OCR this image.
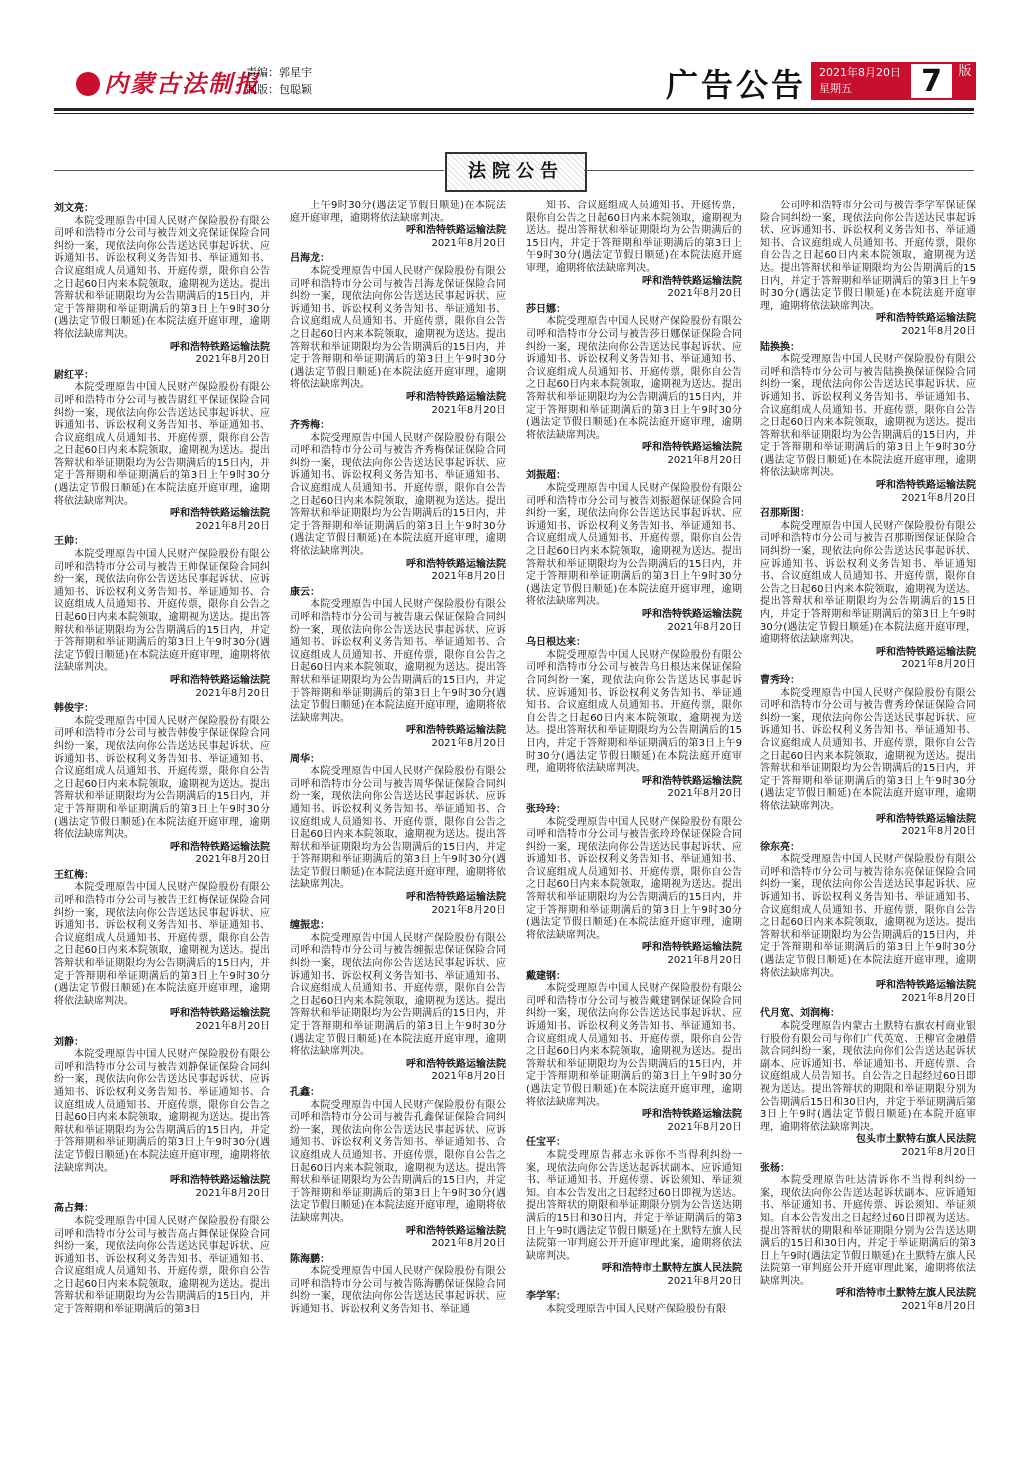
内蒙古法制报
责编：郭星宇
制版：包聪颖	广告公告 2021年8月20日
星期五	7	版
法院公告

刘文亮：

本院受理原告中国人民财产保险股份有限公司呼和浩特市分公司与被告刘文亮保证保险合同纠纷一案，现依法向你公告送达民事起诉状、应诉通知书、诉讼权利义务告知书、举证通知书、合议庭组成人员通知书、开庭传票，限你自公告之日起60日内来本院领取，逾期视为送达。提出答辩状和举证期限均为公告期满后的15日内，并定于答辩期和举证期满后的第3日上午9时30分(遇法定节假日顺延)在本院法庭开庭审理，逾期将依法缺席判决。

呼和浩特铁路运输法院

2021年8月20日

尉红平：

本院受理原告中国人民财产保险股份有限公司呼和浩特市分公司与被告尉红平保证保险合同纠纷一案，现依法向你公告送达民事起诉状、应诉通知书、诉讼权利义务告知书、举证通知书、合议庭组成人员通知书、开庭传票，限你自公告之日起60日内来本院领取，逾期视为送达。提出答辩状和举证期限均为公告期满后的15日内，并定于答辩期和举证期满后的第3日上午9时30分(遇法定节假日顺延)在本院法庭开庭审理，逾期将依法缺席判决。

呼和浩特铁路运输法院

2021年8月20日

王帅：

本院受理原告中国人民财产保险股份有限公司呼和浩特市分公司与被告王帅保证保险合同纠纷一案，现依法向你公告送达民事起诉状、应诉通知书、诉讼权利义务告知书、举证通知书、合议庭组成人员通知书、开庭传票，限你自公告之日起60日内来本院领取，逾期视为送达。提出答辩状和举证期限均为公告期满后的15日内，并定于答辩期和举证期满后的第3日上午9时30分(遇法定节假日顺延)在本院法庭开庭审理，逾期将依法缺席判决。

呼和浩特铁路运输法院

2021年8月20日

韩俊宇：

本院受理原告中国人民财产保险股份有限公司呼和浩特市分公司与被告韩俊宇保证保险合同纠纷一案，现依法向你公告送达民事起诉状、应诉通知书、诉讼权利义务告知书、举证通知书、合议庭组成人员通知书、开庭传票，限你自公告之日起60日内来本院领取，逾期视为送达。提出答辩状和举证期限均为公告期满后的15日内，并定于答辩期和举证期满后的第3日上午9时30分(遇法定节假日顺延)在本院法庭开庭审理，逾期将依法缺席判决。

呼和浩特铁路运输法院

2021年8月20日

王红梅：

本院受理原告中国人民财产保险股份有限公司呼和浩特市分公司与被告王红梅保证保险合同纠纷一案，现依法向你公告送达民事起诉状、应诉通知书、诉讼权利义务告知书、举证通知书、合议庭组成人员通知书、开庭传票，限你自公告之日起60日内来本院领取，逾期视为送达。提出答辩状和举证期限均为公告期满后的15日内，并定于答辩期和举证期满后的第3日上午9时30分(遇法定节假日顺延)在本院法庭开庭审理，逾期将依法缺席判决。

呼和浩特铁路运输法院

2021年8月20日

刘静：

本院受理原告中国人民财产保险股份有限公司呼和浩特市分公司与被告刘静保证保险合同纠纷一案，现依法向你公告送达民事起诉状、应诉通知书、诉讼权利义务告知书、举证通知书、合议庭组成人员通知书、开庭传票，限你自公告之日起60日内来本院领取，逾期视为送达。提出答辩状和举证期限均为公告期满后的15日内，并定于答辩期和举证期满后的第3日上午9时30分(遇法定节假日顺延)在本院法庭开庭审理，逾期将依法缺席判决。

呼和浩特铁路运输法院

2021年8月20日

高占舞：

本院受理原告中国人民财产保险股份有限公司呼和浩特市分公司与被告高占舞保证保险合同纠纷一案，现依法向你公告送达民事起诉状、应诉通知书、诉讼权利义务告知书、举证通知书、合议庭组成人员通知书、开庭传票，限你自公告之日起60日内来本院领取，逾期视为送达。提出答辩状和举证期限均为公告期满后的15日内，并定于答辩期和举证期满后的第3日

上午9时30分(遇法定节假日顺延)在本院法庭开庭审理，逾期将依法缺席判决。

呼和浩特铁路运输法院

2021年8月20日

吕海龙：

本院受理原告中国人民财产保险股份有限公司呼和浩特市分公司与被告吕海龙保证保险合同纠纷一案，现依法向你公告送达民事起诉状、应诉通知书、诉讼权利义务告知书、举证通知书、合议庭组成人员通知书、开庭传票，限你自公告之日起60日内来本院领取，逾期视为送达。提出答辩状和举证期限均为公告期满后的15日内，并定于答辩期和举证期满后的第3日上午9时30分(遇法定节假日顺延)在本院法庭开庭审理，逾期将依法缺席判决。

呼和浩特铁路运输法院

2021年8月20日

齐秀梅：

本院受理原告中国人民财产保险股份有限公司呼和浩特市分公司与被告齐秀梅保证保险合同纠纷一案，现依法向你公告送达民事起诉状、应诉通知书、诉讼权利义务告知书、举证通知书、合议庭组成人员通知书、开庭传票，限你自公告之日起60日内来本院领取，逾期视为送达。提出答辩状和举证期限均为公告期满后的15日内，并定于答辩期和举证期满后的第3日上午9时30分(遇法定节假日顺延)在本院法庭开庭审理，逾期将依法缺席判决。

呼和浩特铁路运输法院

2021年8月20日

康云：

本院受理原告中国人民财产保险股份有限公司呼和浩特市分公司与被告康云保证保险合同纠纷一案，现依法向你公告送达民事起诉状、应诉通知书、诉讼权利义务告知书、举证通知书、合议庭组成人员通知书、开庭传票，限你自公告之日起60日内来本院领取，逾期视为送达。提出答辩状和举证期限均为公告期满后的15日内，并定于答辩期和举证期满后的第3日上午9时30分(遇法定节假日顺延)在本院法庭开庭审理，逾期将依法缺席判决。

呼和浩特铁路运输法院

2021年8月20日

周华：

本院受理原告中国人民财产保险股份有限公司呼和浩特市分公司与被告周华保证保险合同纠纷一案，现依法向你公告送达民事起诉状、应诉通知书、诉讼权利义务告知书、举证通知书、合议庭组成人员通知书、开庭传票，限你自公告之日起60日内来本院领取，逾期视为送达。提出答辩状和举证期限均为公告期满后的15日内，并定于答辩期和举证期满后的第3日上午9时30分(遇法定节假日顺延)在本院法庭开庭审理，逾期将依法缺席判决。

呼和浩特铁路运输法院

2021年8月20日

缠振忠：

本院受理原告中国人民财产保险股份有限公司呼和浩特市分公司与被告缠振忠保证保险合同纠纷一案，现依法向你公告送达民事起诉状、应诉通知书、诉讼权利义务告知书、举证通知书、合议庭组成人员通知书、开庭传票，限你自公告之日起60日内来本院领取，逾期视为送达。提出答辩状和举证期限均为公告期满后的15日内，并定于答辩期和举证期满后的第3日上午9时30分(遇法定节假日顺延)在本院法庭开庭审理，逾期将依法缺席判决。

呼和浩特铁路运输法院

2021年8月20日

孔鑫：

本院受理原告中国人民财产保险股份有限公司呼和浩特市分公司与被告孔鑫保证保险合同纠纷一案，现依法向你公告送达民事起诉状、应诉通知书、诉讼权利义务告知书、举证通知书、合议庭组成人员通知书、开庭传票，限你自公告之日起60日内来本院领取，逾期视为送达。提出答辩状和举证期限均为公告期满后的15日内，并定于答辩期和举证期满后的第3日上午9时30分(遇法定节假日顺延)在本院法庭开庭审理，逾期将依法缺席判决。

呼和浩特铁路运输法院

2021年8月20日

陈海鹏：

本院受理原告中国人民财产保险股份有限公司呼和浩特市分公司与被告陈海鹏保证保险合同纠纷一案，现依法向你公告送达民事起诉状、应诉通知书、诉讼权利义务告知书、举证通

知书、合议庭组成人员通知书、开庭传票，限你自公告之日起60日内来本院领取，逾期视为送达。提出答辩状和举证期限均为公告期满后的15日内，并定于答辩期和举证期满后的第3日上午9时30分(遇法定节假日顺延)在本院法庭开庭审理，逾期将依法缺席判决。

呼和浩特铁路运输法院

2021年8月20日

莎日娜：

本院受理原告中国人民财产保险股份有限公司呼和浩特市分公司与被告莎日娜保证保险合同纠纷一案，现依法向你公告送达民事起诉状、应诉通知书、诉讼权利义务告知书、举证通知书、合议庭组成人员通知书、开庭传票，限你自公告之日起60日内来本院领取，逾期视为送达。提出答辩状和举证期限均为公告期满后的15日内，并定于答辩期和举证期满后的第3日上午9时30分(遇法定节假日顺延)在本院法庭开庭审理，逾期将依法缺席判决。

呼和浩特铁路运输法院

2021年8月20日

刘振超：

本院受理原告中国人民财产保险股份有限公司呼和浩特市分公司与被告刘振超保证保险合同纠纷一案，现依法向你公告送达民事起诉状、应诉通知书、诉讼权利义务告知书、举证通知书、合议庭组成人员通知书、开庭传票，限你自公告之日起60日内来本院领取，逾期视为送达。提出答辩状和举证期限均为公告期满后的15日内，并定于答辩期和举证期满后的第3日上午9时30分(遇法定节假日顺延)在本院法庭开庭审理，逾期将依法缺席判决。

呼和浩特铁路运输法院

2021年8月20日

乌日根达来：

本院受理原告中国人民财产保险股份有限公司呼和浩特市分公司与被告乌日根达来保证保险合同纠纷一案，现依法向你公告送达民事起诉状、应诉通知书、诉讼权利义务告知书、举证通知书、合议庭组成人员通知书、开庭传票，限你自公告之日起60日内来本院领取，逾期视为送达。提出答辩状和举证期限均为公告期满后的15日内，并定于答辩期和举证期满后的第3日上午9时30分(遇法定节假日顺延)在本院法庭开庭审理，逾期将依法缺席判决。

呼和浩特铁路运输法院

2021年8月20日

张玲玲：

本院受理原告中国人民财产保险股份有限公司呼和浩特市分公司与被告张玲玲保证保险合同纠纷一案，现依法向你公告送达民事起诉状、应诉通知书、诉讼权利义务告知书、举证通知书、合议庭组成人员通知书、开庭传票，限你自公告之日起60日内来本院领取，逾期视为送达。提出答辩状和举证期限均为公告期满后的15日内，并定于答辩期和举证期满后的第3日上午9时30分(遇法定节假日顺延)在本院法庭开庭审理，逾期将依法缺席判决。

呼和浩特铁路运输法院

2021年8月20日

戴建钢：

本院受理原告中国人民财产保险股份有限公司呼和浩特市分公司与被告戴建钢保证保险合同纠纷一案，现依法向你公告送达民事起诉状、应诉通知书、诉讼权利义务告知书、举证通知书、合议庭组成人员通知书、开庭传票，限你自公告之日起60日内来本院领取，逾期视为送达。提出答辩状和举证期限均为公告期满后的15日内，并定于答辩期和举证期满后的第3日上午9时30分(遇法定节假日顺延)在本院法庭开庭审理，逾期将依法缺席判决。

呼和浩特铁路运输法院

2021年8月20日

任宝平：

本院受理原告郝志永诉你不当得利纠纷一案，现依法向你公告送达起诉状副本、应诉通知书、举证通知书、开庭传票、诉讼须知、举证须知。自本公告发出之日起经过60日即视为送达。提出答辩状的期限和举证期限分别为公告送达期满后的15日和30日内，并定于举证期满后的第3日上午9时(遇法定节假日顺延)在土默特左旗人民法院第一审判庭公开开庭审理此案，逾期将依法缺席判决。

呼和浩特市土默特左旗人民法院

2021年8月20日

李学军：

本院受理原告中国人民财产保险股份有限

公司呼和浩特市分公司与被告李学军保证保险合同纠纷一案，现依法向你公告送达民事起诉状、应诉通知书、诉讼权利义务告知书、举证通知书、合议庭组成人员通知书、开庭传票，限你自公告之日起60日内来本院领取，逾期视为送达。提出答辩状和举证期限均为公告期满后的15日内，并定于答辩期和举证期满后的第3日上午9时30分(遇法定节假日顺延)在本院法庭开庭审理，逾期将依法缺席判决。

呼和浩特铁路运输法院

2021年8月20日

陆换换：

本院受理原告中国人民财产保险股份有限公司呼和浩特市分公司与被告陆换换保证保险合同纠纷一案，现依法向你公告送达民事起诉状、应诉通知书、诉讼权利义务告知书、举证通知书、合议庭组成人员通知书、开庭传票，限你自公告之日起60日内来本院领取，逾期视为送达。提出答辩状和举证期限均为公告期满后的15日内，并定于答辩期和举证期满后的第3日上午9时30分(遇法定节假日顺延)在本院法庭开庭审理，逾期将依法缺席判决。

呼和浩特铁路运输法院

2021年8月20日

召那斯图：

本院受理原告中国人民财产保险股份有限公司呼和浩特市分公司与被告召那斯图保证保险合同纠纷一案，现依法向你公告送达民事起诉状、应诉通知书、诉讼权利义务告知书、举证通知书、合议庭组成人员通知书、开庭传票，限你自公告之日起60日内来本院领取，逾期视为送达。提出答辩状和举证期限均为公告期满后的15日内，并定于答辩期和举证期满后的第3日上午9时30分(遇法定节假日顺延)在本院法庭开庭审理，逾期将依法缺席判决。

呼和浩特铁路运输法院

2021年8月20日

曹秀玲：

本院受理原告中国人民财产保险股份有限公司呼和浩特市分公司与被告曹秀玲保证保险合同纠纷一案，现依法向你公告送达民事起诉状、应诉通知书、诉讼权利义务告知书、举证通知书、合议庭组成人员通知书、开庭传票，限你自公告之日起60日内来本院领取，逾期视为送达。提出答辩状和举证期限均为公告期满后的15日内，并定于答辩期和举证期满后的第3日上午9时30分(遇法定节假日顺延)在本院法庭开庭审理，逾期将依法缺席判决。

呼和浩特铁路运输法院

2021年8月20日

徐东亮：

本院受理原告中国人民财产保险股份有限公司呼和浩特市分公司与被告徐东亮保证保险合同纠纷一案，现依法向你公告送达民事起诉状、应诉通知书、诉讼权利义务告知书、举证通知书、合议庭组成人员通知书、开庭传票，限你自公告之日起60日内来本院领取，逾期视为送达。提出答辩状和举证期限均为公告期满后的15日内，并定于答辩期和举证期满后的第3日上午9时30分(遇法定节假日顺延)在本院法庭开庭审理，逾期将依法缺席判决。

呼和浩特铁路运输法院

2021年8月20日

代月宽、刘润梅：

本院受理原告内蒙古土默特右旗农村商业银行股份有限公司与你们广代英宽、王柳官金融借款合同纠纷一案，现依法向你们公告送达起诉状副本、应诉通知书、举证通知书、开庭传票、合议庭组成人员告知书。自公告之日起经过60日即视为送达。提出答辩状的期限和举证期限分别为公告期满后15日和30日内，并定于举证期满后第3日上午9时(遇法定节假日顺延)在本院开庭审理，逾期将依法缺席判决。

包头市土默特右旗人民法院

2021年8月20日

张杨：

本院受理原告吐达清诉你不当得利纠纷一案，现依法向你公告送达起诉状副本、应诉通知书、举证通知书、开庭传票、诉讼须知、举证须知。自本公告发出之日起经过60日即视为送达。提出答辩状的期限和举证期限分别为公告送达期满后的15日和30日内，并定于举证期满后的第3日上午9时(遇法定节假日顺延)在土默特左旗人民法院第一审判庭公开开庭审理此案，逾期将依法缺席判决。

呼和浩特市土默特左旗人民法院

2021年8月20日
